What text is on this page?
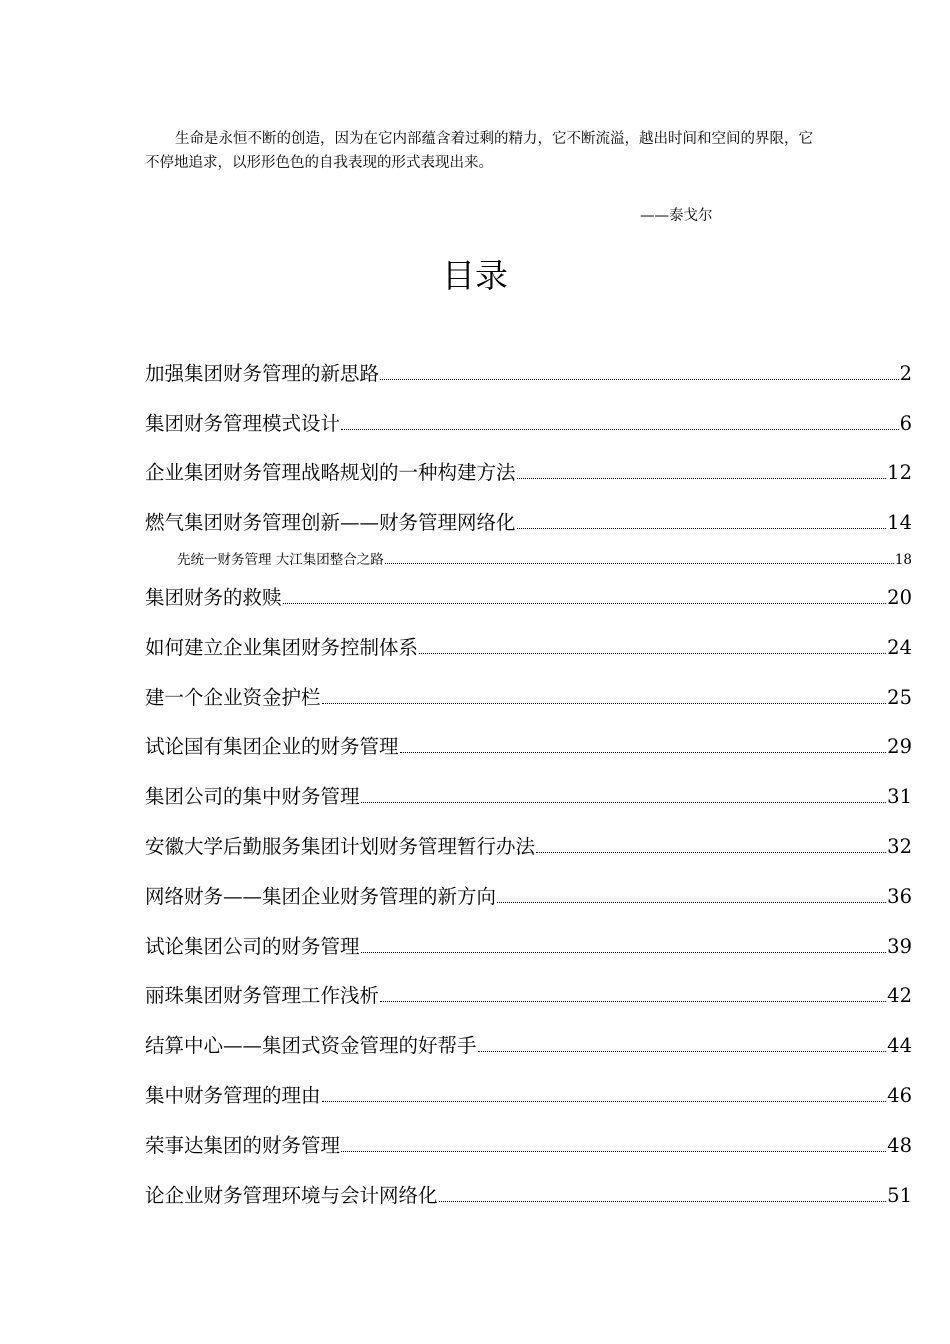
生命是永恒不断的创造，因为在它内部蕴含着过剩的精力，它不断流溢，越出时间和空间的界限，它不停地追求，以形形色色的自我表现的形式表现出来。

——泰戈尔
目录
加强集团财务管理的新思路	2
集团财务管理模式设计	6
企业集团财务管理战略规划的一种构建方法	12
燃气集团财务管理创新——财务管理网络化	14
先统一财务管理 大江集团整合之路	18
集团财务的救赎	20
如何建立企业集团财务控制体系	24
建一个企业资金护栏	25
试论国有集团企业的财务管理	29
集团公司的集中财务管理	31
安徽大学后勤服务集团计划财务管理暂行办法	32
网络财务——集团企业财务管理的新方向	36
试论集团公司的财务管理	39
丽珠集团财务管理工作浅析	42
结算中心——集团式资金管理的好帮手	44
集中财务管理的理由	46
荣事达集团的财务管理	48
论企业财务管理环境与会计网络化	51
